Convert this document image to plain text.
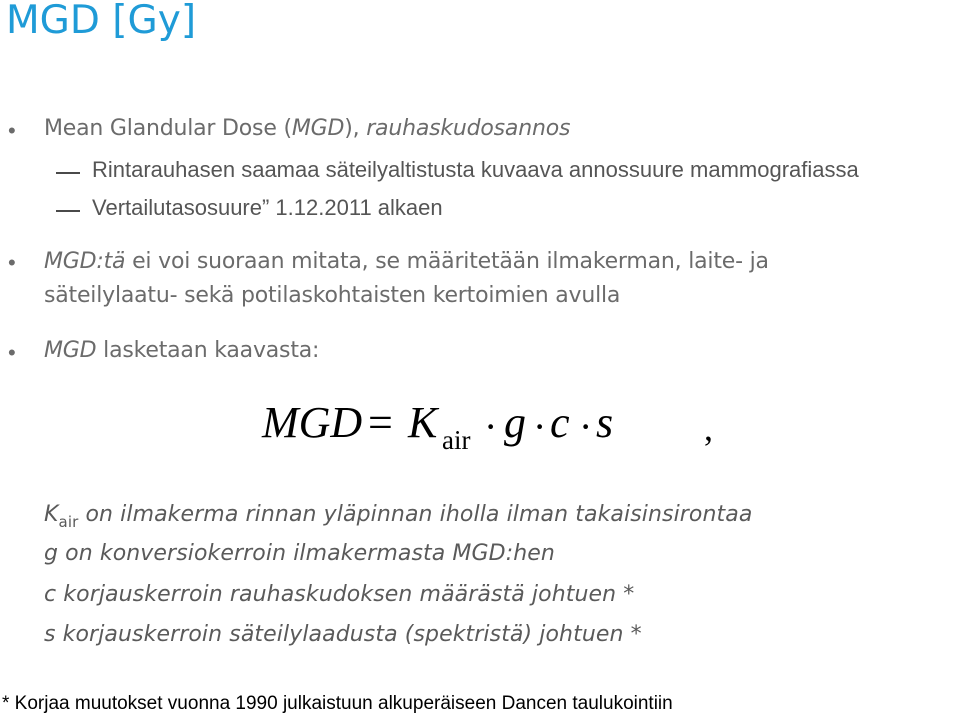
MGD [Gy]
• Mean Glandular Dose (MGD), rauhaskudosannos
Rintarauhasen saamaa säteilyaltistusta kuvaava annossuure mammografiassa
Vertailutasosuure” 1.12.2011 alkaen
• MGD:tä ei voi suoraan mitata, se määritetään ilmakerman, laite- ja
säteilylaatu- sekä potilaskohtaisten kertoimien avulla
• MGD lasketaan kaavasta:
MGD = K air · g · c · s	,
$K_{air}$ on ilmakerma rinnan yläpinnan iholla ilman takaisinsirontaa
g on konversiokerroin ilmakermasta MGD:hen
c korjauskerroin rauhaskudoksen määrästä johtuen *
s korjauskerroin säteilylaadusta (spektristä) johtuen *
* Korjaa muutokset vuonna 1990 julkaistuun alkuperäiseen Dancen taulukointiin
